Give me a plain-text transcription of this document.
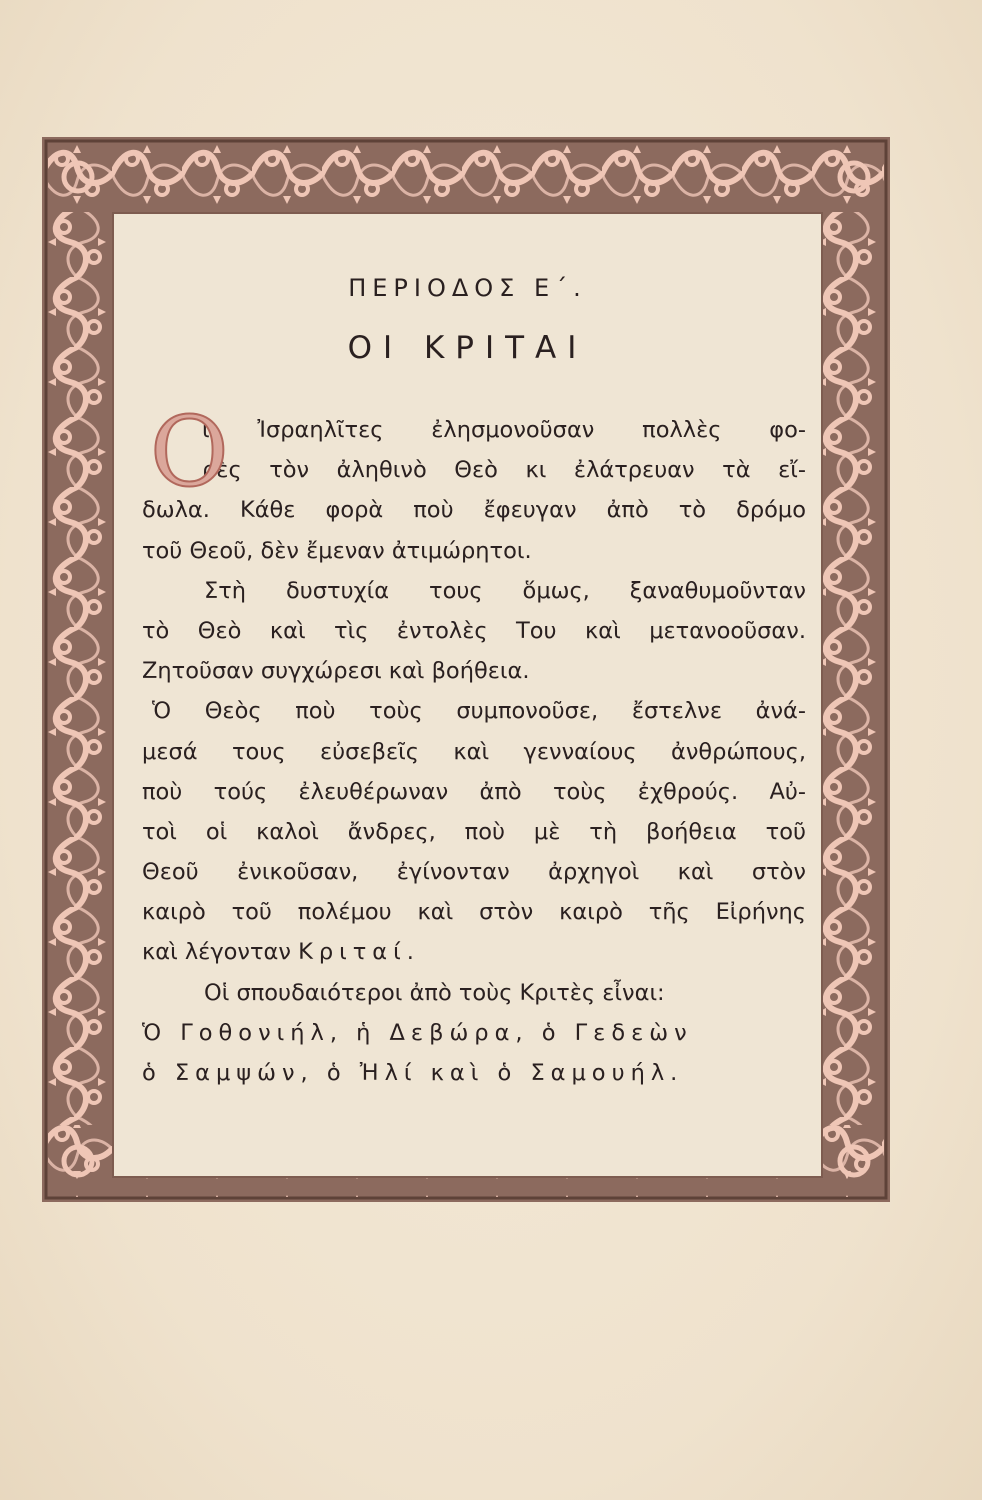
ΠΕΡΙΟΔΟΣ Ε΄.
ΟΙ ΚΡΙΤΑΙ
O
ι Ἰσραηλῖτες ἐλησμονοῦσαν πολλὲς φο-
ρὲς τὸν ἀληθινὸ Θεὸ κι ἐλάτρευαν τὰ εἴ-
δωλα. Κάθε φορὰ ποὺ ἔφευγαν ἀπὸ τὸ δρόμο
τοῦ Θεοῦ, δὲν ἔμεναν ἀτιμώρητοι.
Στὴ δυστυχία τους ὅμως, ξαναθυμοῦνταν
τὸ Θεὸ καὶ τὶς ἐντολὲς Του καὶ μετανοοῦσαν.
Ζητοῦσαν συγχώρεσι καὶ βοήθεια.
Ὁ Θεὸς ποὺ τοὺς συμπονοῦσε, ἔστελνε ἀνά-
μεσά τους εὐσεβεῖς καὶ γενναίους ἀνθρώπους,
ποὺ τούς ἐλευθέρωναν ἀπὸ τοὺς ἐχθρούς. Αὐ-
τοὶ οἱ καλοὶ ἄνδρες, ποὺ μὲ τὴ βοήθεια τοῦ
Θεοῦ ἐνικοῦσαν, ἐγίνονταν ἀρχηγοὶ καὶ στὸν
καιρὸ τοῦ πολέμου καὶ στὸν καιρὸ τῆς Εἰρήνης
καὶ λέγονταν Κριταί.
Οἱ σπουδαιότεροι ἀπὸ τοὺς Κριτὲς εἶναι:
Ὁ Γοθονιήλ, ἡ Δεβώρα, ὁ Γεδεὼν
ὁ Σαμψών, ὁ Ἠλί καὶ ὁ Σαμουήλ.
